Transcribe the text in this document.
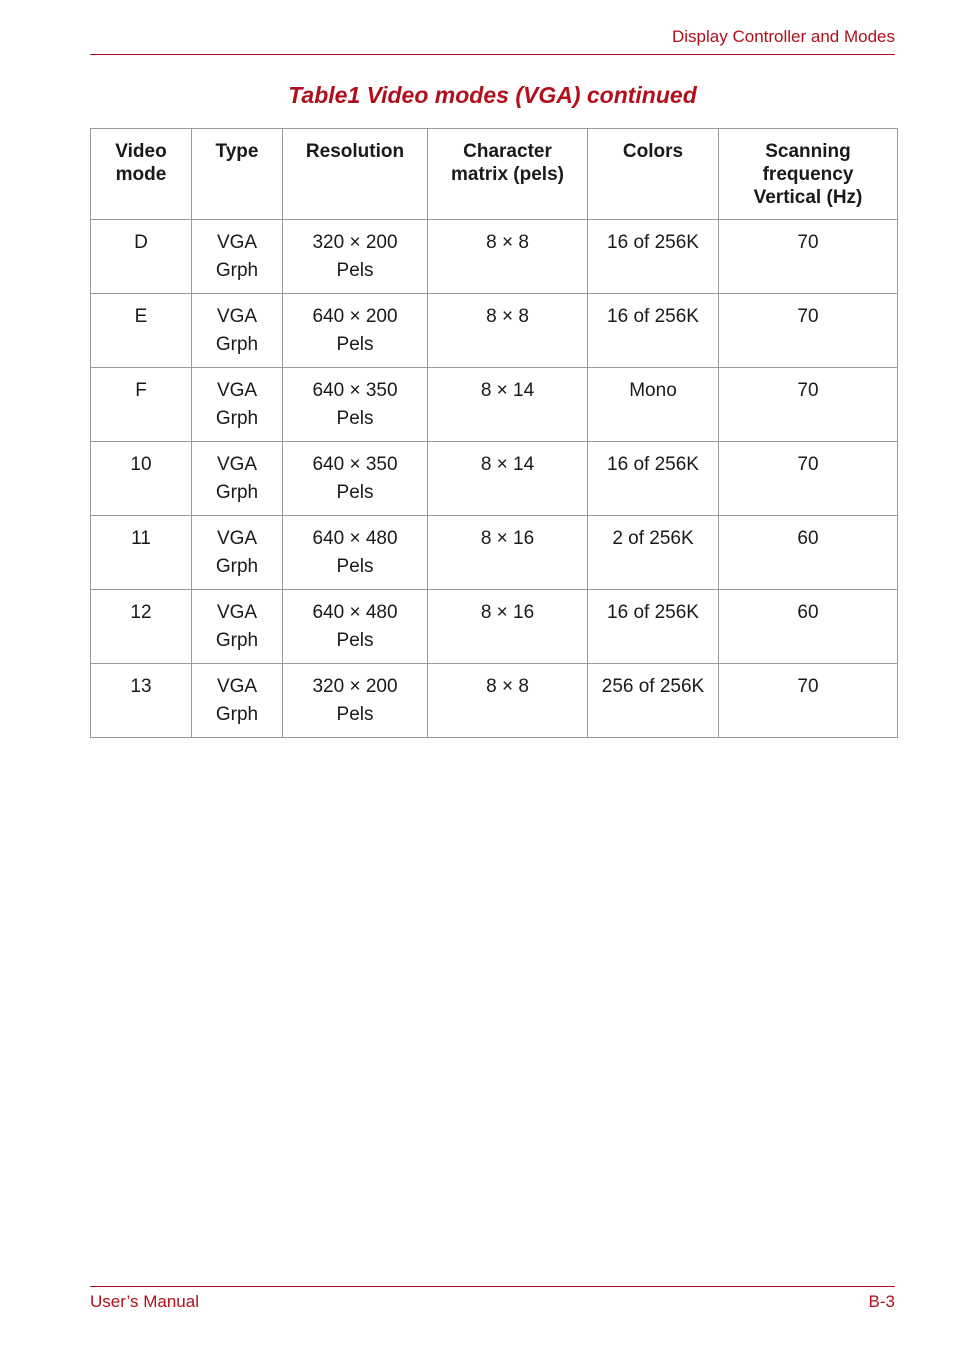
Display Controller and Modes
Table1 Video modes (VGA) continued
Video
mode	Type	Resolution	Character
matrix (pels)	Colors	Scanning
frequency
Vertical (Hz)

D	VGA
Grph	320 × 200
Pels	8 × 8	16 of 256K	70
E	VGA
Grph	640 × 200
Pels	8 × 8	16 of 256K	70
F	VGA
Grph	640 × 350
Pels	8 × 14	Mono	70
10	VGA
Grph	640 × 350
Pels	8 × 14	16 of 256K	70
11	VGA
Grph	640 × 480
Pels	8 × 16	2 of 256K	60
12	VGA
Grph	640 × 480
Pels	8 × 16	16 of 256K	60
13	VGA
Grph	320 × 200
Pels	8 × 8	256 of 256K	70
User’s Manual	B-3
